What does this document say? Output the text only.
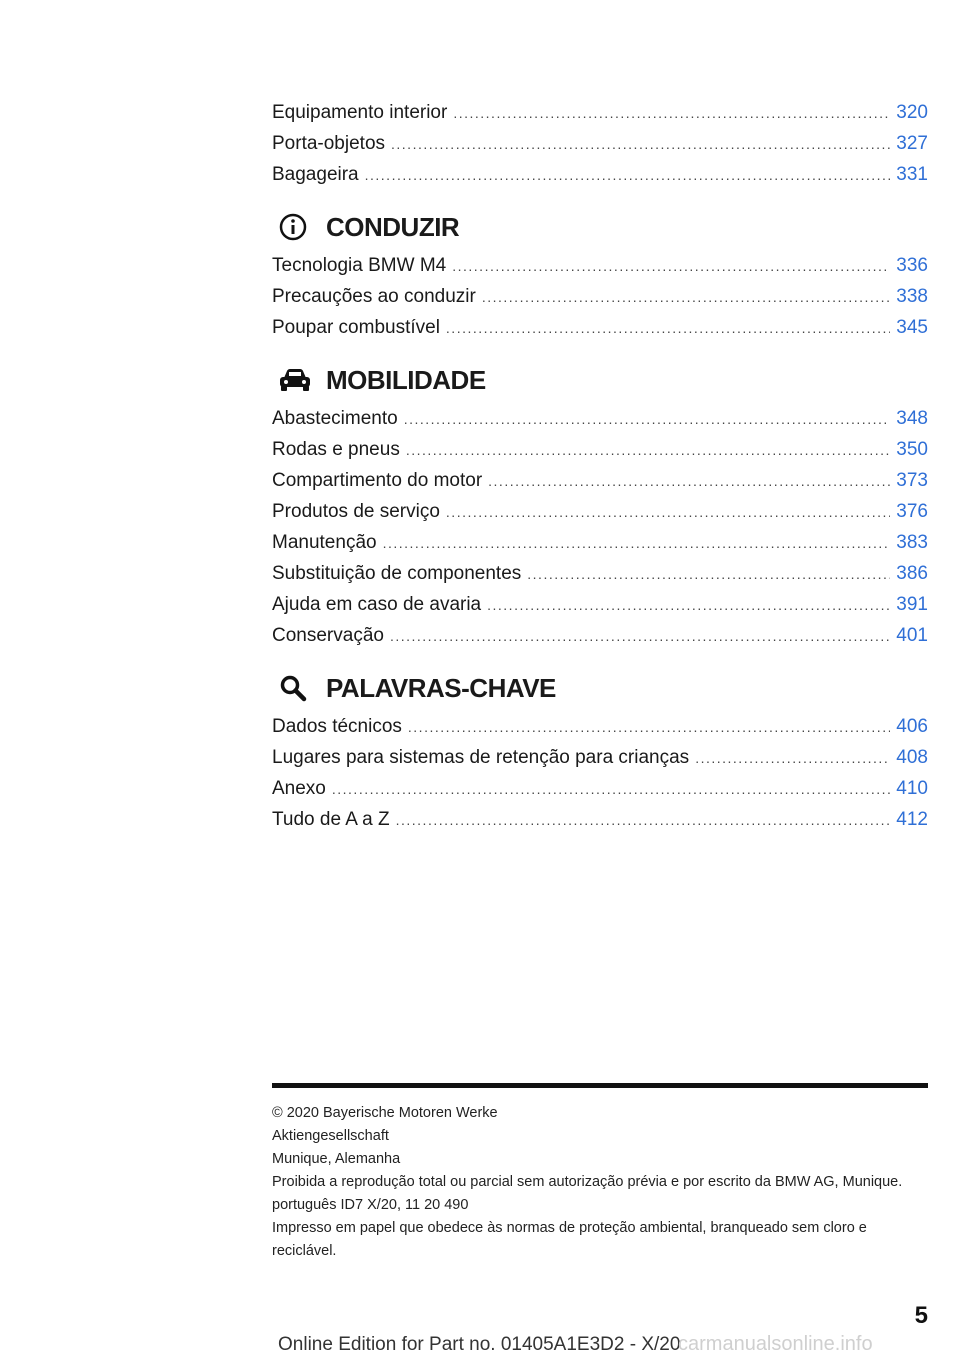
Equipamento interior .....	320
Porta-objetos .....	327
Bagageira .....	331
CONDUZIR
Tecnologia BMW M4 .....	336
Precauções ao conduzir .....	338
Poupar combustível .....	345
MOBILIDADE
Abastecimento .....	348
Rodas e pneus .....	350
Compartimento do motor .....	373
Produtos de serviço .....	376
Manutenção .....	383
Substituição de componentes .....	386
Ajuda em caso de avaria .....	391
Conservação .....	401
PALAVRAS-CHAVE
Dados técnicos .....	406
Lugares para sistemas de retenção para crianças .....	408
Anexo .....	410
Tudo de A a Z .....	412
© 2020 Bayerische Motoren Werke
Aktiengesellschaft
Munique, Alemanha
Proibida a reprodução total ou parcial sem autorização prévia e por escrito da BMW AG, Munique.
português ID7 X/20, 11 20 490
Impresso em papel que obedece às normas de proteção ambiental, branqueado sem cloro e reciclável.
5
Online Edition for Part no. 01405A1E3D2 - X/20
carmanualsonline.info
